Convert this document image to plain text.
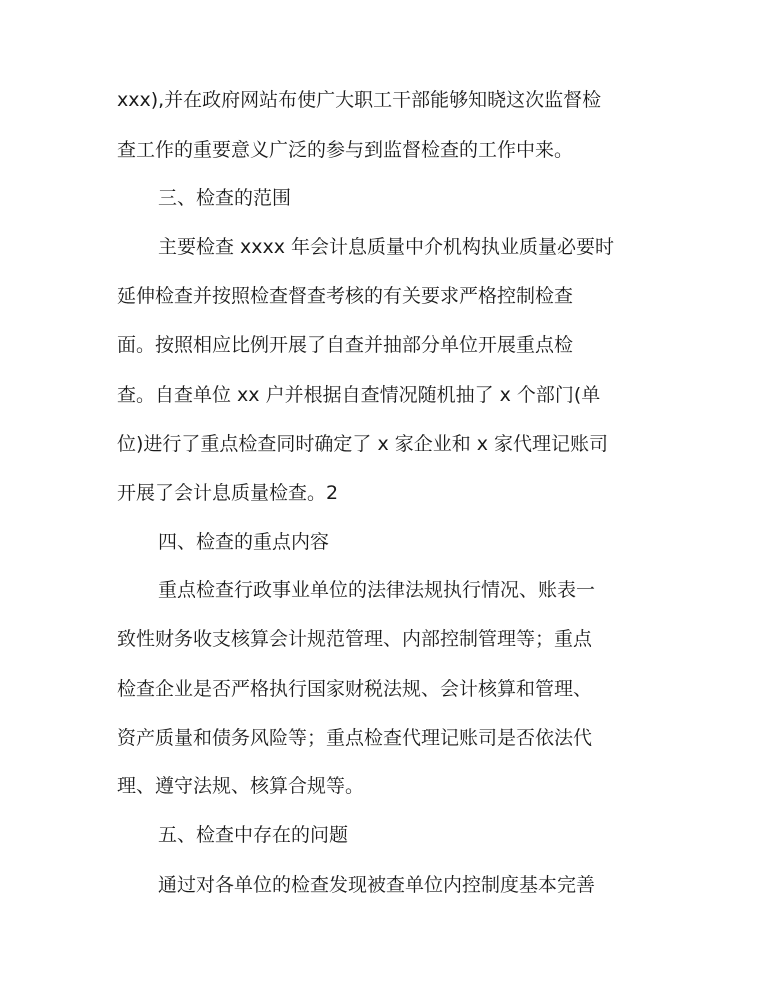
xxx),并在政府网站布使广大职工干部能够知晓这次监督检
查工作的重要意义广泛的参与到监督检查的工作中来。
三、检查的范围
主要检查 xxxx 年会计息质量中介机构执业质量必要时
延伸检查并按照检查督查考核的有关要求严格控制检查
面。按照相应比例开展了自查并抽部分单位开展重点检
查。自查单位 xx 户并根据自查情况随机抽了 x 个部门(单
位)进行了重点检查同时确定了 x 家企业和 x 家代理记账司
开展了会计息质量检查。2
四、检查的重点内容
重点检查行政事业单位的法律法规执行情况、账表一
致性财务收支核算会计规范管理、内部控制管理等；重点
检查企业是否严格执行国家财税法规、会计核算和管理、
资产质量和债务风险等；重点检查代理记账司是否依法代
理、遵守法规、核算合规等。
五、检查中存在的问题
通过对各单位的检查发现被查单位内控制度基本完善
